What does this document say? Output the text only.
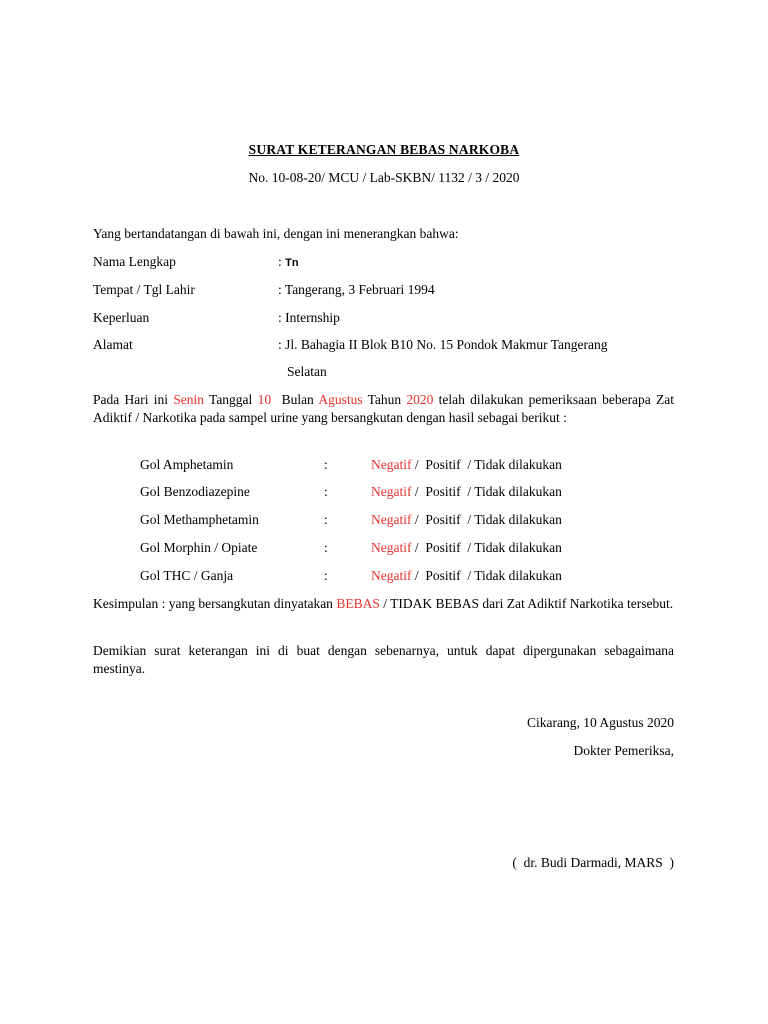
SURAT KETERANGAN BEBAS NARKOBA
No. 10-08-20/ MCU / Lab-SKBN/ 1132 / 3 / 2020
Yang bertandatangan di bawah ini, dengan ini menerangkan bahwa:
Nama Lengkap	: Tn
Tempat / Tgl Lahir	: Tangerang, 3 Februari 1994
Keperluan	: Internship
Alamat	: Jl. Bahagia II Blok B10 No. 15 Pondok Makmur Tangerang
Selatan
Pada Hari ini Senin Tanggal 10 Bulan Agustus Tahun 2020 telah dilakukan pemeriksaan beberapa Zat Adiktif / Narkotika pada sampel urine yang bersangkutan dengan hasil sebagai berikut :
Gol Amphetamin	:	Negatif /  Positif  / Tidak dilakukan
Gol Benzodiazepine	:	Negatif /  Positif  / Tidak dilakukan
Gol Methamphetamin	:	Negatif /  Positif  / Tidak dilakukan
Gol Morphin / Opiate	:	Negatif /  Positif  / Tidak dilakukan
Gol THC / Ganja	:	Negatif /  Positif  / Tidak dilakukan
Kesimpulan : yang bersangkutan dinyatakan BEBAS / TIDAK BEBAS dari Zat Adiktif Narkotika tersebut.
Demikian surat keterangan ini di buat dengan sebenarnya, untuk dapat dipergunakan sebagaimana mestinya.
Cikarang, 10 Agustus 2020
Dokter Pemeriksa,
(  dr. Budi Darmadi, MARS  )
